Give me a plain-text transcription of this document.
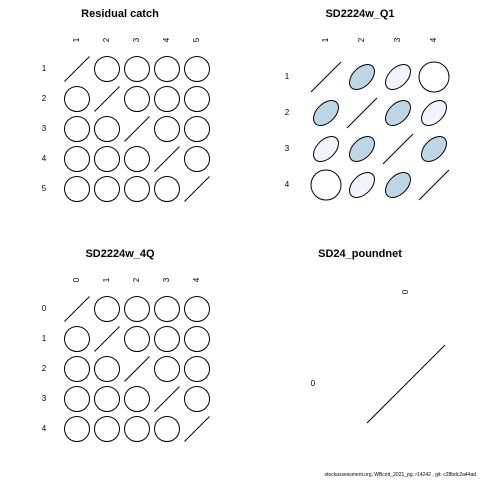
Residual catch
1	2	3	4	5
1
2
3
4
5
SD2224w_Q1
1	2	3	4
1
2
3
4
SD2224w_4Q
0	1	2	3	4
0
1
2
3
4
SD24_poundnet
0
0
stockassessment.org, WBcod_2021_pg, r14242 , git: c28bdc2a44ad
